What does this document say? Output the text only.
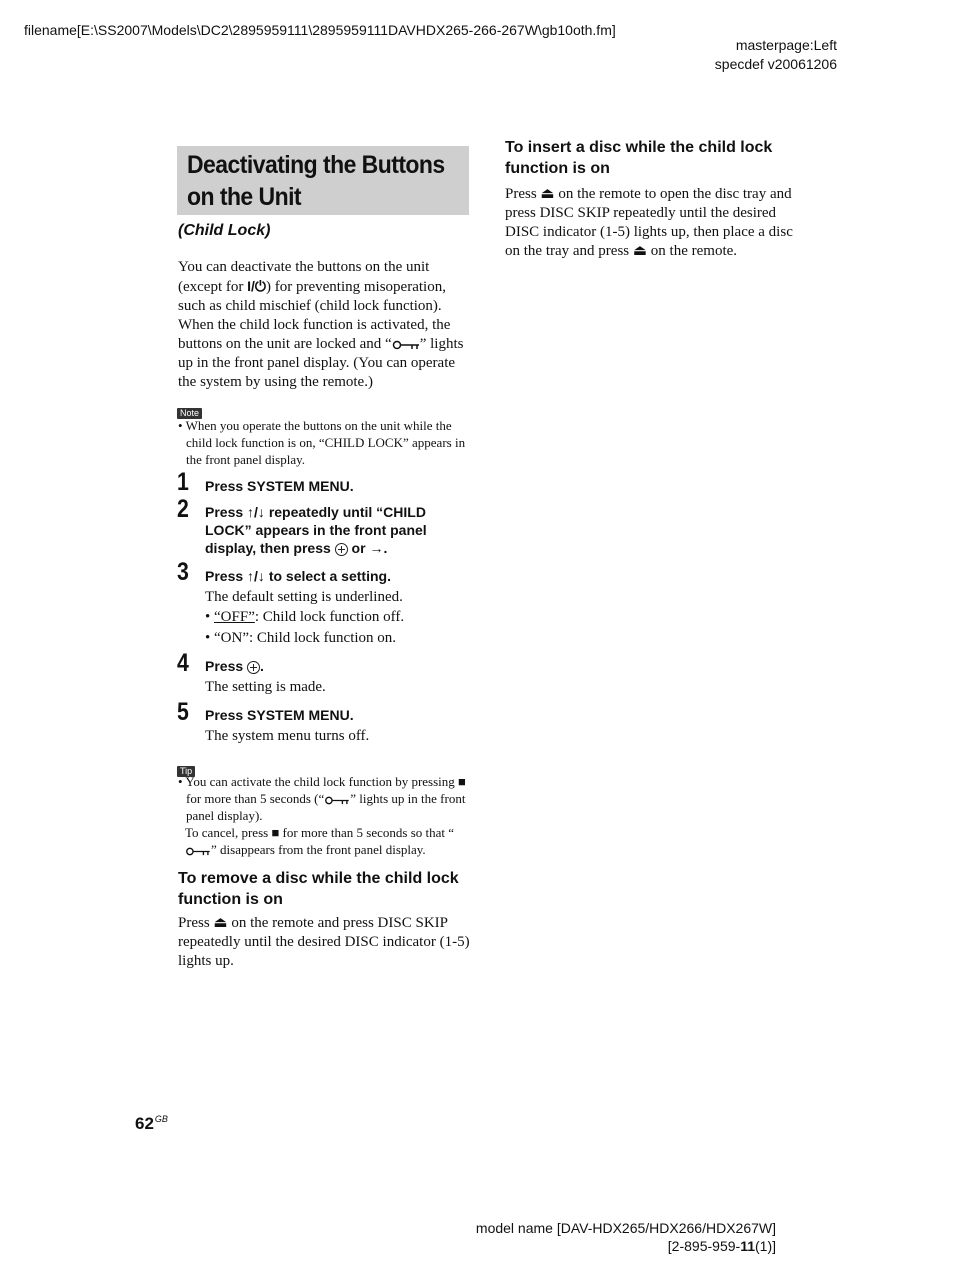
filename[E:\SS2007\Models\DC2\2895959111\2895959111DAVHDX265-266-267W\gb10oth.fm]
masterpage:Left
specdef v20061206
Deactivating the Buttons
on the Unit
(Child Lock)
You can deactivate the buttons on the unit (except for I/⏻) for preventing misoperation, such as child mischief (child lock function). When the child lock function is activated, the buttons on the unit are locked and “ ” lights up in the front panel display. (You can operate the system by using the remote.)
Note
• When you operate the buttons on the unit while the child lock function is on, “CHILD LOCK” appears in the front panel display.
1 Press SYSTEM MENU.
2 Press ↑/↓ repeatedly until “CHILD LOCK” appears in the front panel display, then press  or →.
3 Press ↑/↓ to select a setting.
The default setting is underlined.
• “OFF”: Child lock function off.
• “ON”: Child lock function on.
4 Press .
The setting is made.
5 Press SYSTEM MENU.
The system menu turns off.
Tip
• You can activate the child lock function by pressing ■ for more than 5 seconds (“ ” lights up in the front panel display).
To cancel, press ■ for more than 5 seconds so that “” disappears from the front panel display.
To remove a disc while the child lock function is on
Press ⏏ on the remote and press DISC SKIP repeatedly until the desired DISC indicator (1-5) lights up.
To insert a disc while the child lock function is on
Press ⏏ on the remote to open the disc tray and press DISC SKIP repeatedly until the desired DISC indicator (1-5) lights up, then place a disc on the tray and press ⏏ on the remote.
$62^{GB}$
model name [DAV-HDX265/HDX266/HDX267W]
[2-895-959-11(1)]
